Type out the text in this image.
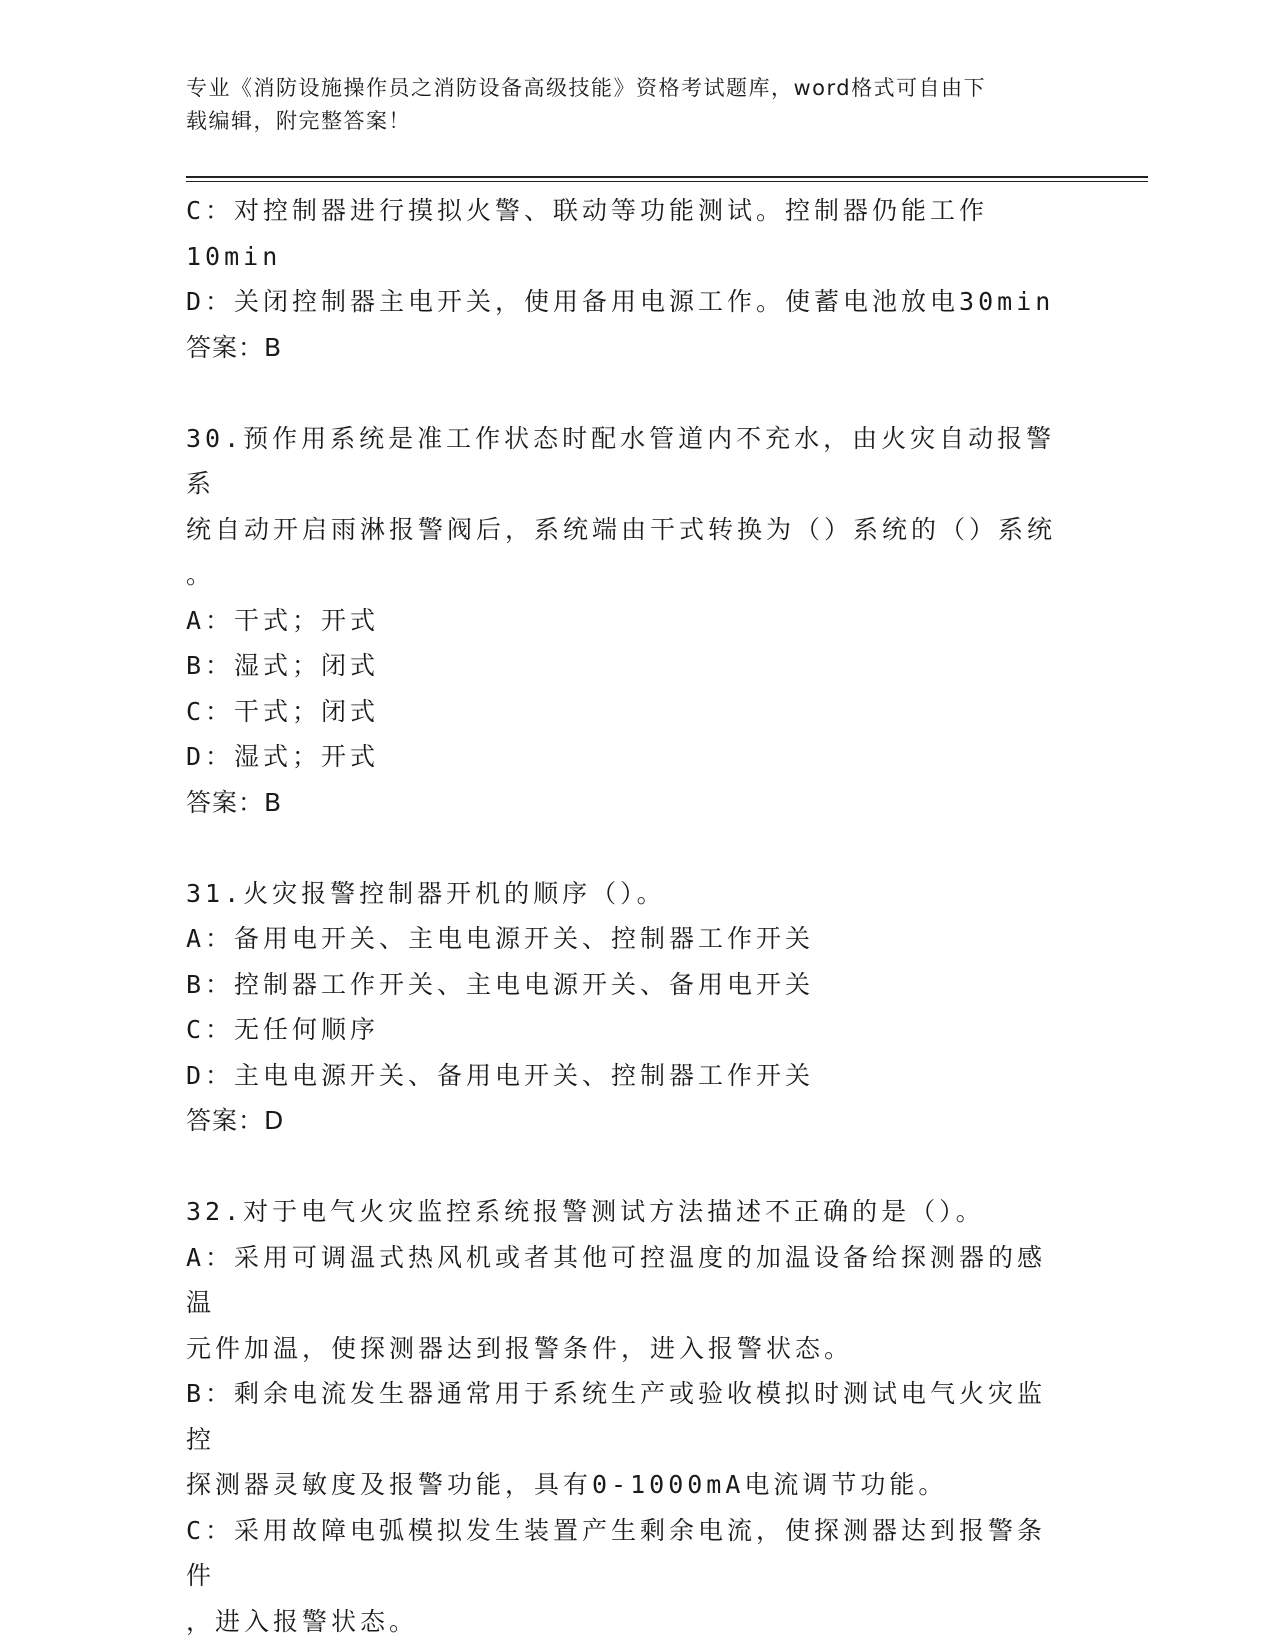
专业《消防设施操作员之消防设备高级技能》资格考试题库，word格式可自由下
载编辑，附完整答案！
C：对控制器进行摸拟火警、联动等功能测试。控制器仍能工作10min
D：关闭控制器主电开关，使用备用电源工作。使蓄电池放电30min
答案：B
30.预作用系统是准工作状态时配水管道内不充水，由火灾自动报警系
统自动开启雨淋报警阀后，系统端由干式转换为（）系统的（）系统
。
A：干式；开式
B：湿式；闭式
C：干式；闭式
D：湿式；开式
答案：B
31.火灾报警控制器开机的顺序（）。
A：备用电开关、主电电源开关、控制器工作开关
B：控制器工作开关、主电电源开关、备用电开关
C：无任何顺序
D：主电电源开关、备用电开关、控制器工作开关
答案：D
32.对于电气火灾监控系统报警测试方法描述不正确的是（）。
A：采用可调温式热风机或者其他可控温度的加温设备给探测器的感温
元件加温，使探测器达到报警条件，进入报警状态。
B：剩余电流发生器通常用于系统生产或验收模拟时测试电气火灾监控
探测器灵敏度及报警功能，具有0-1000mA电流调节功能。
C：采用故障电弧模拟发生装置产生剩余电流，使探测器达到报警条件
，进入报警状态。
